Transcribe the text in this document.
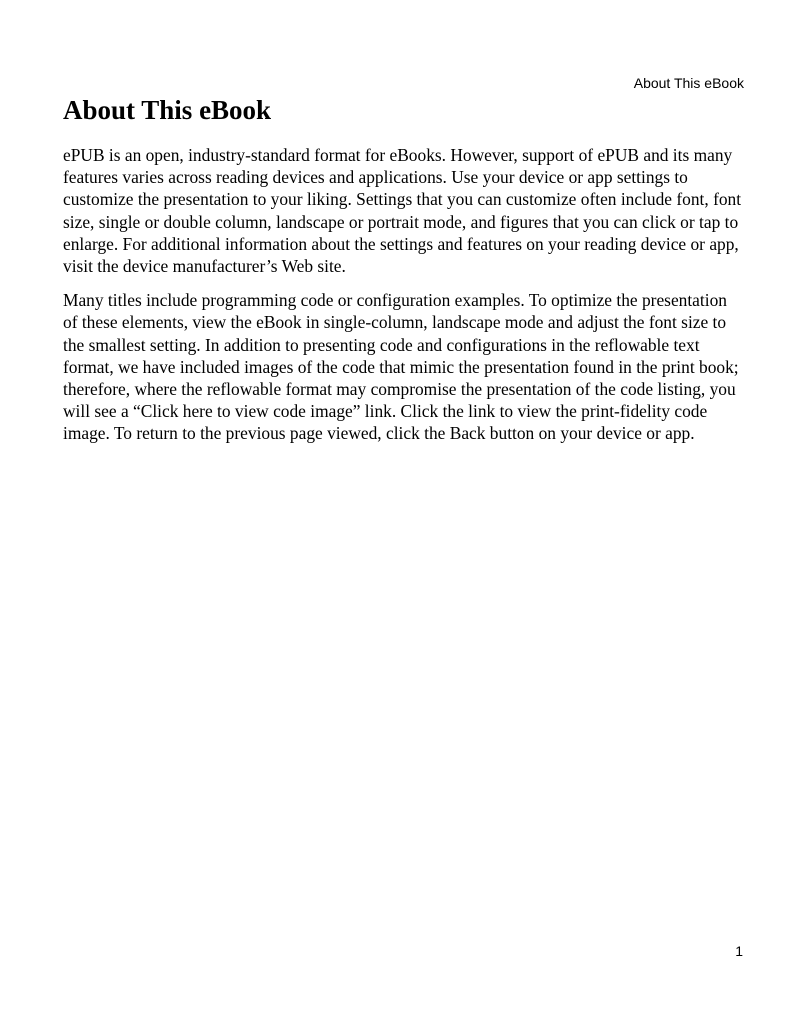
About This eBook
About This eBook

ePUB is an open, industry-standard format for eBooks. However, support of ePUB and its many features varies across reading devices and applications. Use your device or app settings to customize the presentation to your liking. Settings that you can customize often include font, font size, single or double column, landscape or portrait mode, and figures that you can click or tap to enlarge. For additional information about the settings and features on your reading device or app, visit the device manufacturer’s Web site.

Many titles include programming code or configuration examples. To optimize the presentation of these elements, view the eBook in single-column, landscape mode and adjust the font size to the smallest setting. In addition to presenting code and configurations in the reflowable text format, we have included images of the code that mimic the presentation found in the print book; therefore, where the reflowable format may compromise the presentation of the code listing, you will see a “Click here to view code image” link. Click the link to view the print-fidelity code image. To return to the previous page viewed, click the Back button on your device or app.

1
